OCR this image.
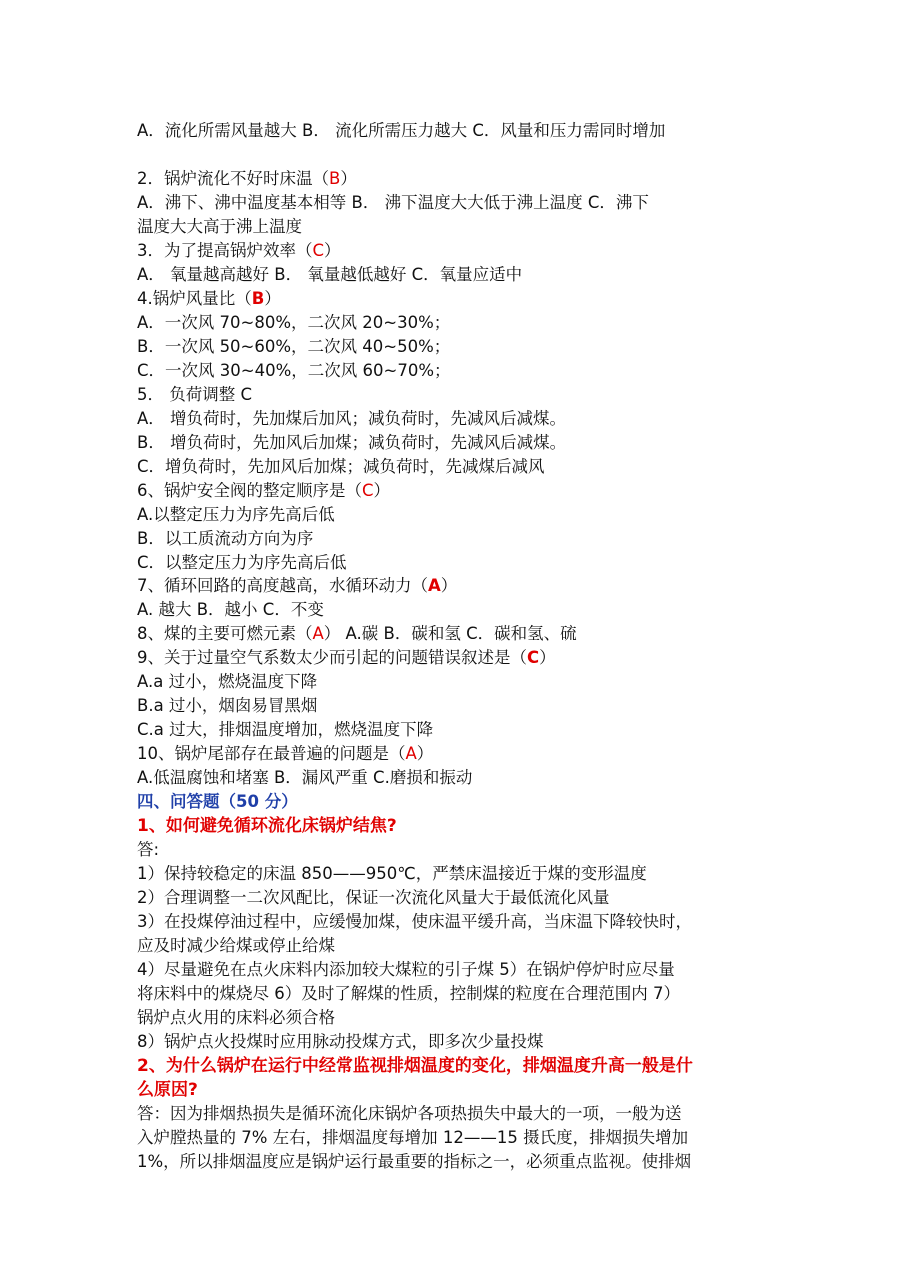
A．流化所需风量越大 B． 流化所需压力越大 C．风量和压力需同时增加
2．锅炉流化不好时床温（B）
A．沸下、沸中温度基本相等 B． 沸下温度大大低于沸上温度 C．沸下
温度大大高于沸上温度
3．为了提高锅炉效率（C）
A． 氧量越高越好 B． 氧量越低越好 C．氧量应适中
4.锅炉风量比（B）
A．一次风 70~80%，二次风 20~30%；
B．一次风 50~60%，二次风 40~50%；
C．一次风 30~40%，二次风 60~70%；
5． 负荷调整 C
A． 增负荷时，先加煤后加风；减负荷时，先减风后减煤。
B． 增负荷时，先加风后加煤；减负荷时，先减风后减煤。
C．增负荷时，先加风后加煤；减负荷时，先减煤后减风
6、锅炉安全阀的整定顺序是（C）
A.以整定压力为序先高后低
B．以工质流动方向为序
C．以整定压力为序先高后低
7、循环回路的高度越高，水循环动力（A）
A. 越大 B．越小 C．不变
8、煤的主要可燃元素（A） A.碳 B．碳和氢 C．碳和氢、硫
9、关于过量空气系数太少而引起的问题错误叙述是（C）
A.a 过小，燃烧温度下降
B.a 过小，烟囱易冒黑烟
C.a 过大，排烟温度增加，燃烧温度下降
10、锅炉尾部存在最普遍的问题是（A）
A.低温腐蚀和堵塞 B．漏风严重 C.磨损和振动
四、问答题（50 分）
1、如何避免循环流化床锅炉结焦?
答:
1）保持较稳定的床温 850——950℃，严禁床温接近于煤的变形温度
2）合理调整一二次风配比，保证一次流化风量大于最低流化风量
3）在投煤停油过程中，应缓慢加煤，使床温平缓升高，当床温下降较快时，
应及时减少给煤或停止给煤
4）尽量避免在点火床料内添加较大煤粒的引子煤 5）在锅炉停炉时应尽量
将床料中的煤烧尽 6）及时了解煤的性质，控制煤的粒度在合理范围内 7）
锅炉点火用的床料必须合格
8）锅炉点火投煤时应用脉动投煤方式，即多次少量投煤
2、为什么锅炉在运行中经常监视排烟温度的变化，排烟温度升高一般是什
么原因?
答：因为排烟热损失是循环流化床锅炉各项热损失中最大的一项，一般为送
入炉膛热量的 7% 左右，排烟温度每增加 12——15 摄氏度，排烟损失增加
1%，所以排烟温度应是锅炉运行最重要的指标之一，必须重点监视。使排烟
